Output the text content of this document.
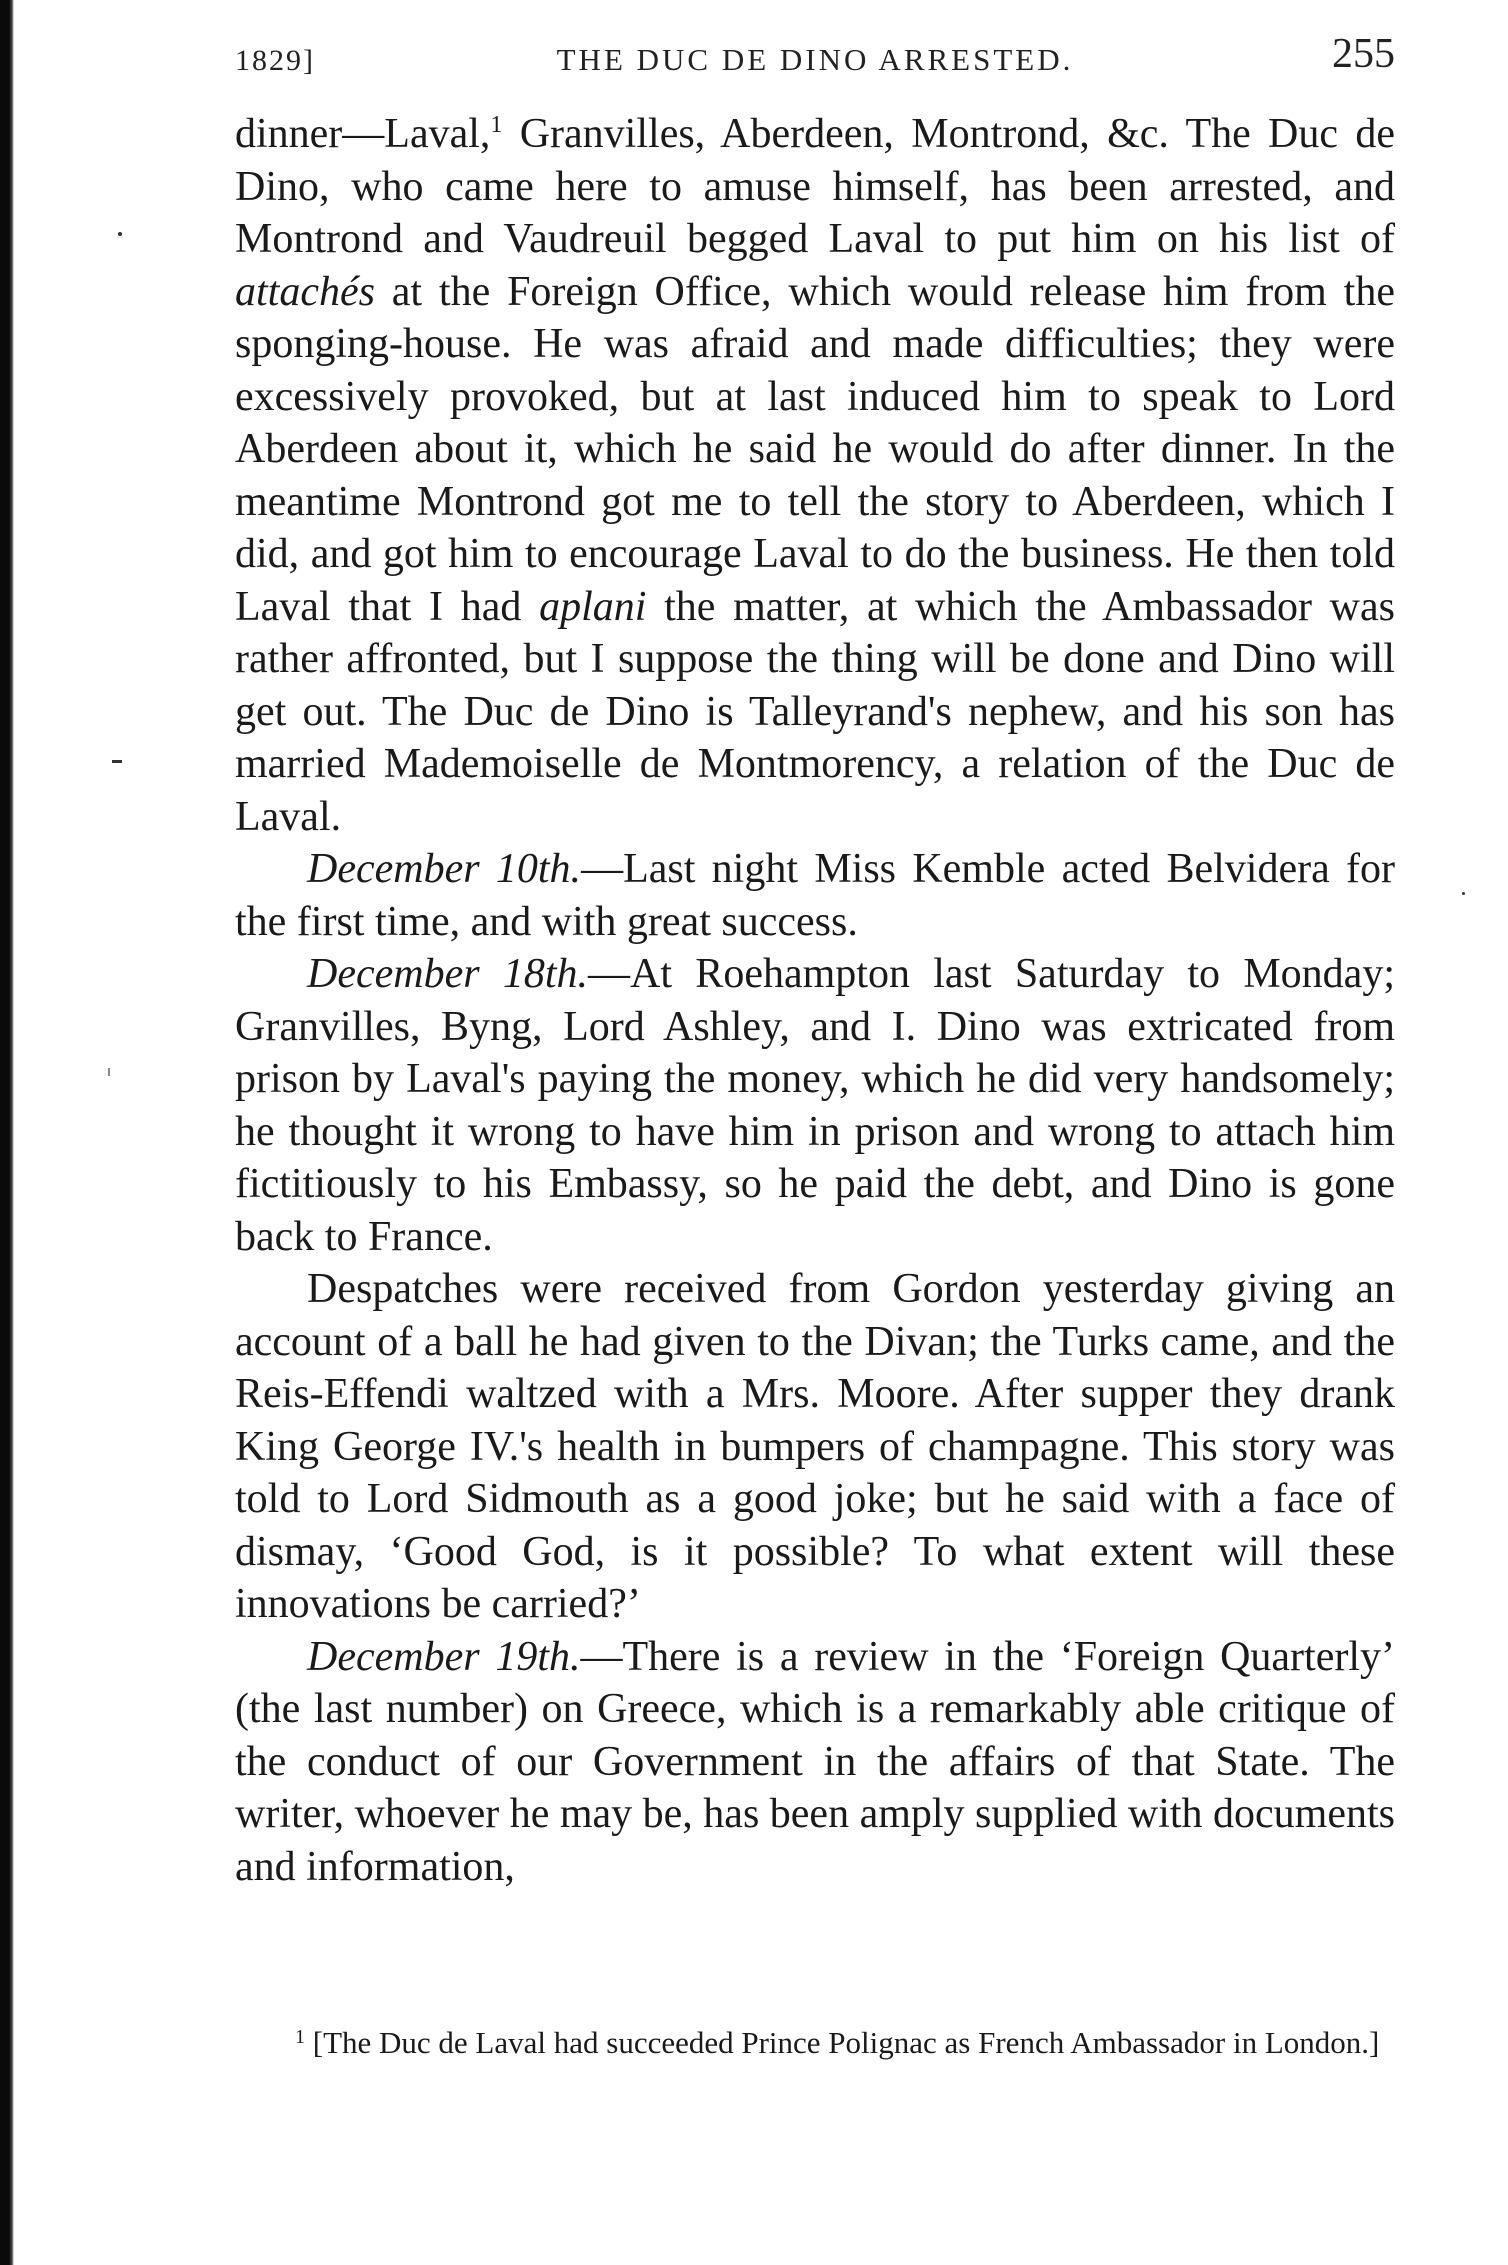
1829]	THE DUC DE DINO ARRESTED.	255

dinner—Laval,$^1$ Granvilles, Aberdeen, Montrond, &c. The Duc de Dino, who came here to amuse himself, has been arrested, and Montrond and Vaudreuil begged Laval to put him on his list of attachés at the Foreign Office, which would release him from the sponging-house. He was afraid and made difficulties; they were excessively provoked, but at last induced him to speak to Lord Aberdeen about it, which he said he would do after dinner. In the meantime Montrond got me to tell the story to Aberdeen, which I did, and got him to encourage Laval to do the business. He then told Laval that I had aplani the matter, at which the Ambassador was rather affronted, but I suppose the thing will be done and Dino will get out. The Duc de Dino is Talleyrand's nephew, and his son has married Mademoiselle de Montmorency, a relation of the Duc de Laval.

December 10th.—Last night Miss Kemble acted Belvidera for the first time, and with great success.

December 18th.—At Roehampton last Saturday to Monday; Granvilles, Byng, Lord Ashley, and I. Dino was extricated from prison by Laval's paying the money, which he did very handsomely; he thought it wrong to have him in prison and wrong to attach him fictitiously to his Embassy, so he paid the debt, and Dino is gone back to France.

Despatches were received from Gordon yesterday giving an account of a ball he had given to the Divan; the Turks came, and the Reis-Effendi waltzed with a Mrs. Moore. After supper they drank King George IV.'s health in bumpers of champagne. This story was told to Lord Sidmouth as a good joke; but he said with a face of dismay, ‘Good God, is it possible? To what extent will these innovations be carried?’

December 19th.—There is a review in the ‘Foreign Quarterly’ (the last number) on Greece, which is a remarkably able critique of the conduct of our Government in the affairs of that State. The writer, whoever he may be, has been amply supplied with documents and information,

$^1$ [The Duc de Laval had succeeded Prince Polignac as French Ambassador in London.]
